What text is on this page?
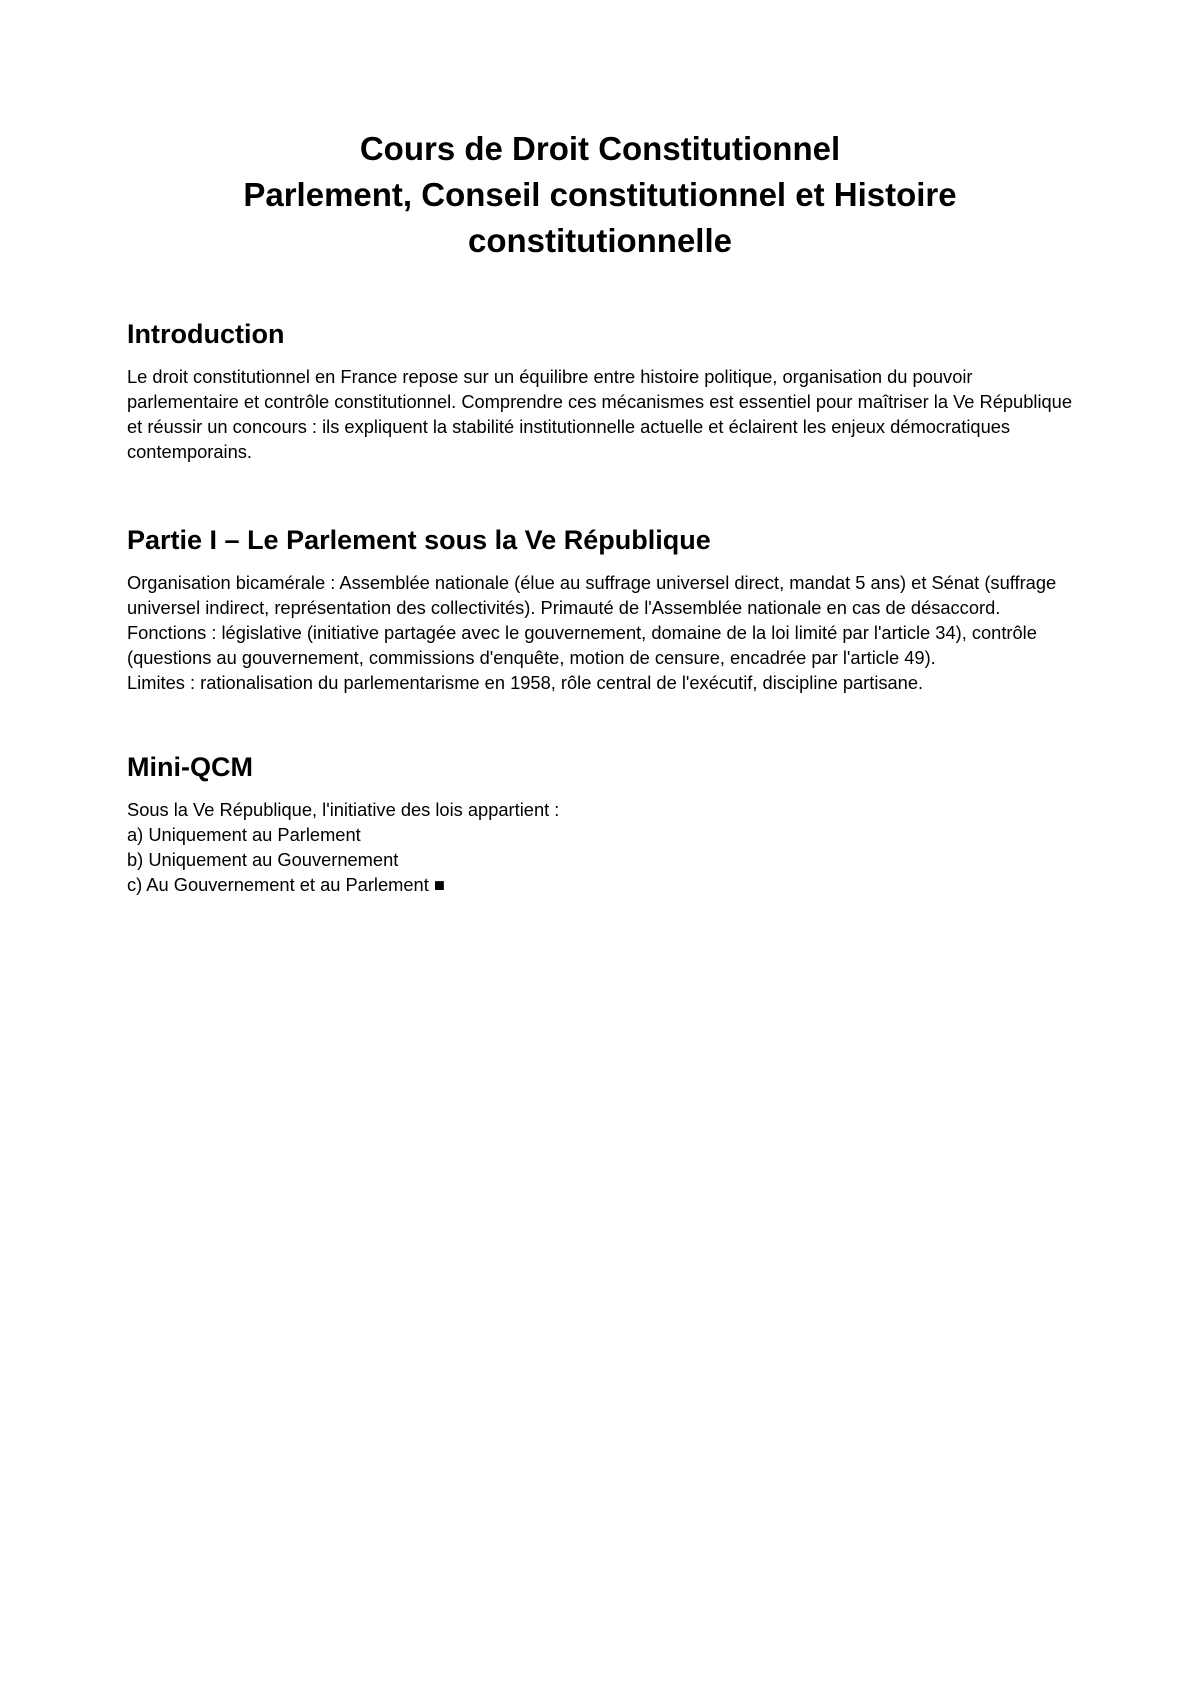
Cours de Droit Constitutionnel
Parlement, Conseil constitutionnel et Histoire
constitutionnelle
Introduction

Le droit constitutionnel en France repose sur un équilibre entre histoire politique, organisation du pouvoir parlementaire et contrôle constitutionnel. Comprendre ces mécanismes est essentiel pour maîtriser la Ve République et réussir un concours : ils expliquent la stabilité institutionnelle actuelle et éclairent les enjeux démocratiques contemporains.

Partie I – Le Parlement sous la Ve République

Organisation bicamérale : Assemblée nationale (élue au suffrage universel direct, mandat 5 ans) et Sénat (suffrage universel indirect, représentation des collectivités). Primauté de l'Assemblée nationale en cas de désaccord.

Fonctions : législative (initiative partagée avec le gouvernement, domaine de la loi limité par l'article 34), contrôle (questions au gouvernement, commissions d'enquête, motion de censure, encadrée par l'article 49).

Limites : rationalisation du parlementarisme en 1958, rôle central de l'exécutif, discipline partisane.

Mini-QCM

Sous la Ve République, l'initiative des lois appartient :

a) Uniquement au Parlement

b) Uniquement au Gouvernement

c) Au Gouvernement et au Parlement ■
